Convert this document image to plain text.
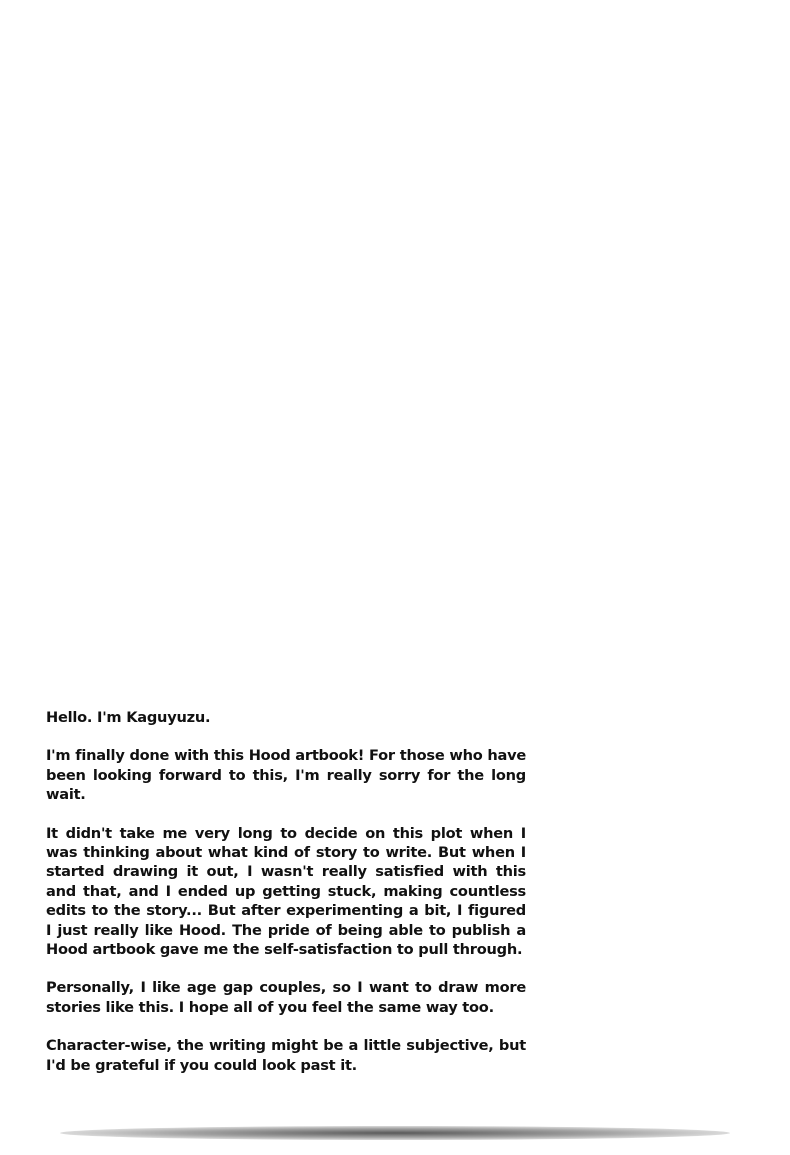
Hello. I'm Kaguyuzu.

I'm finally done with this Hood artbook! For those who have been looking forward to this, I'm really sorry for the long wait.

It didn't take me very long to decide on this plot when I was thinking about what kind of story to write. But when I started drawing it out, I wasn't really satisfied with this and that, and I ended up getting stuck, making countless edits to the story... But after experimenting a bit, I figured I just really like Hood. The pride of being able to publish a Hood artbook gave me the self-satisfaction to pull through.

Personally, I like age gap couples, so I want to draw more stories like this. I hope all of you feel the same way too.

Character-wise, the writing might be a little subjective, but I'd be grateful if you could look past it.
